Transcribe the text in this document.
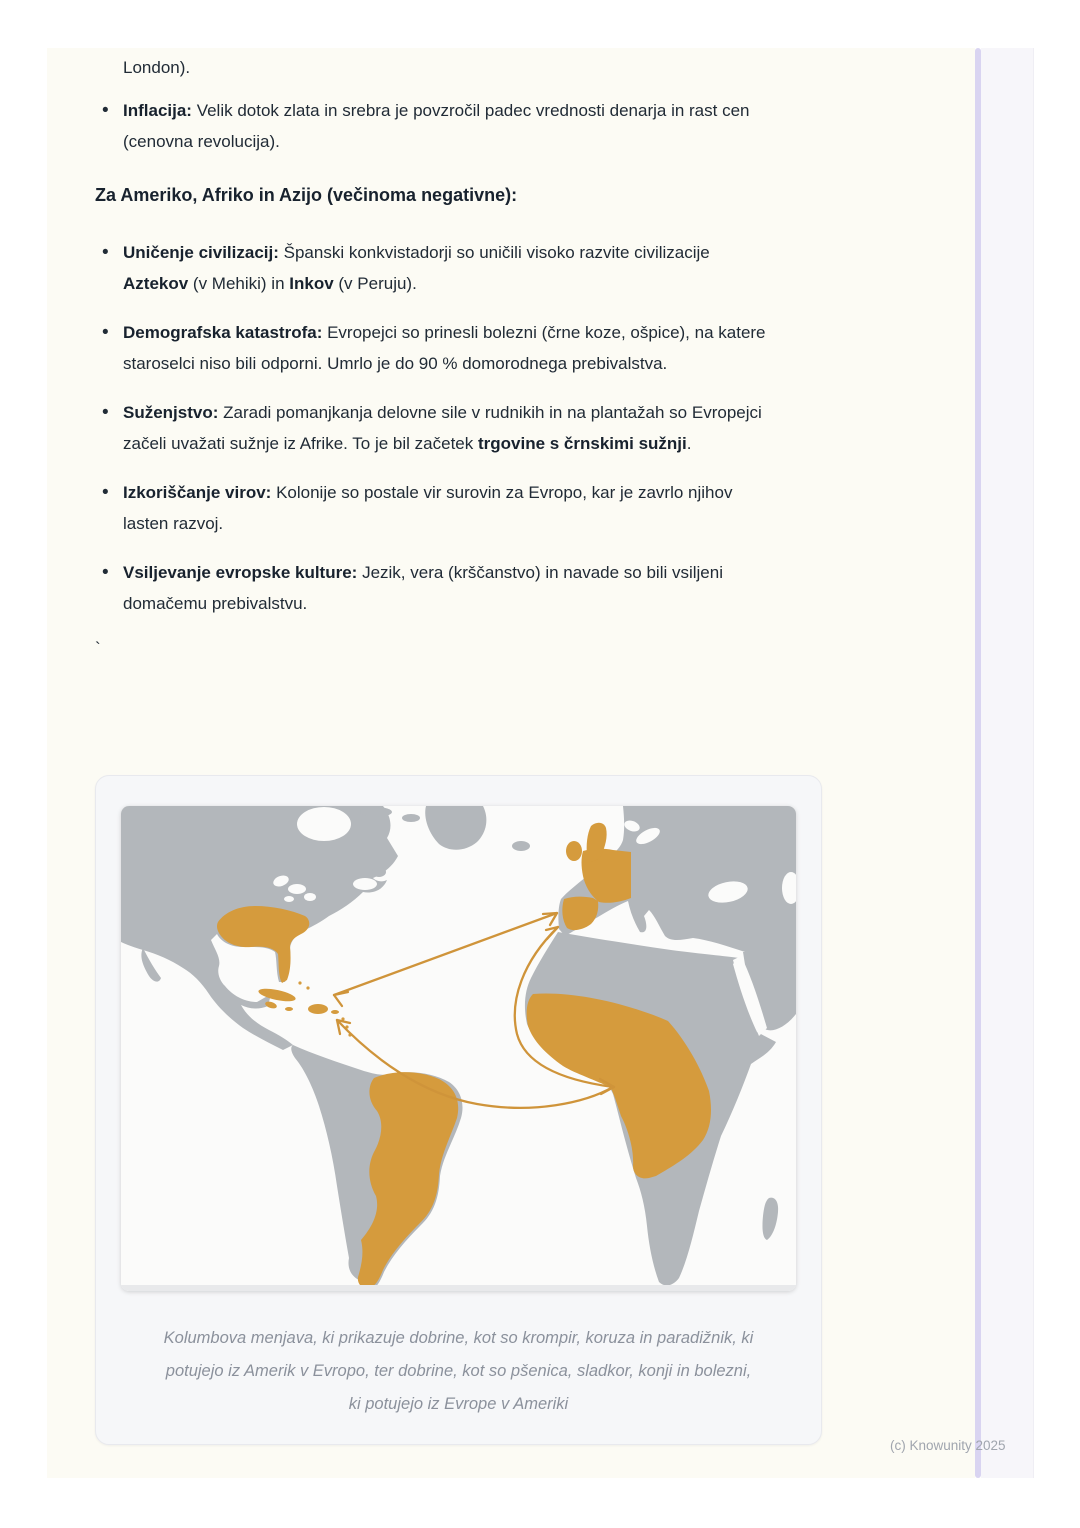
London).

• Inflacija: Velik dotok zlata in srebra je povzročil padec vrednosti denarja in rast cen (cenovna revolucija).
Za Ameriko, Afriko in Azijo (večinoma negativne):
• Uničenje civilizacij: Španski konkvistadorji so uničili visoko razvite civilizacije Aztekov (v Mehiki) in Inkov (v Peruju).
• Demografska katastrofa: Evropejci so prinesli bolezni (črne koze, ošpice), na katere staroselci niso bili odporni. Umrlo je do 90 % domorodnega prebivalstva.
• Suženjstvo: Zaradi pomanjkanja delovne sile v rudnikih in na plantažah so Evropejci začeli uvažati sužnje iz Afrike. To je bil začetek trgovine s črnskimi sužnji.
• Izkoriščanje virov: Kolonije so postale vir surovin za Evropo, kar je zavrlo njihov lasten razvoj.
• Vsiljevanje evropske kulture: Jezik, vera (krščanstvo) in navade so bili vsiljeni domačemu prebivalstvu.

`

Kolumbova menjava, ki prikazuje dobrine, kot so krompir, koruza in paradižnik, ki potujejo iz Amerik v Evropo, ter dobrine, kot so pšenica, sladkor, konji in bolezni, ki potujejo iz Evrope v Ameriki

(c) Knowunity 2025
